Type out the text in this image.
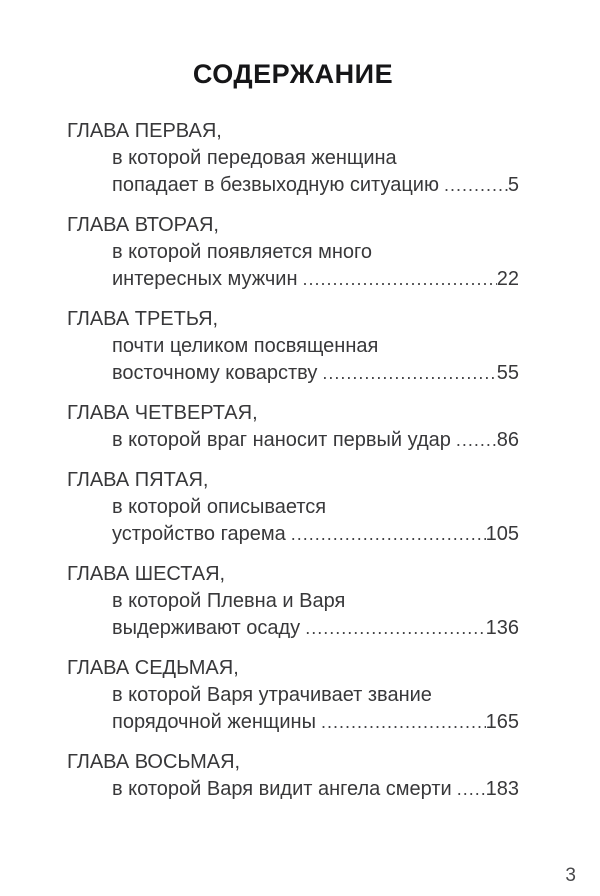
СОДЕРЖАНИЕ
ГЛАВА ПЕРВАЯ,
в которой передовая женщина
попадает в безвыходную ситуацию .....	5
ГЛАВА ВТОРАЯ,
в которой появляется много
интересных мужчин .....	22
ГЛАВА ТРЕТЬЯ,
почти целиком посвященная
восточному коварству .....	55
ГЛАВА ЧЕТВЕРТАЯ,
в которой враг наносит первый удар ..... 86
ГЛАВА ПЯТАЯ,
в которой описывается
устройство гарема .....	105
ГЛАВА ШЕСТАЯ,
в которой Плевна и Варя
выдерживают осаду .....	136
ГЛАВА СЕДЬМАЯ,
в которой Варя утрачивает звание
порядочной женщины .....	165
ГЛАВА ВОСЬМАЯ,
в которой Варя видит ангела смерти ..... 183
3
